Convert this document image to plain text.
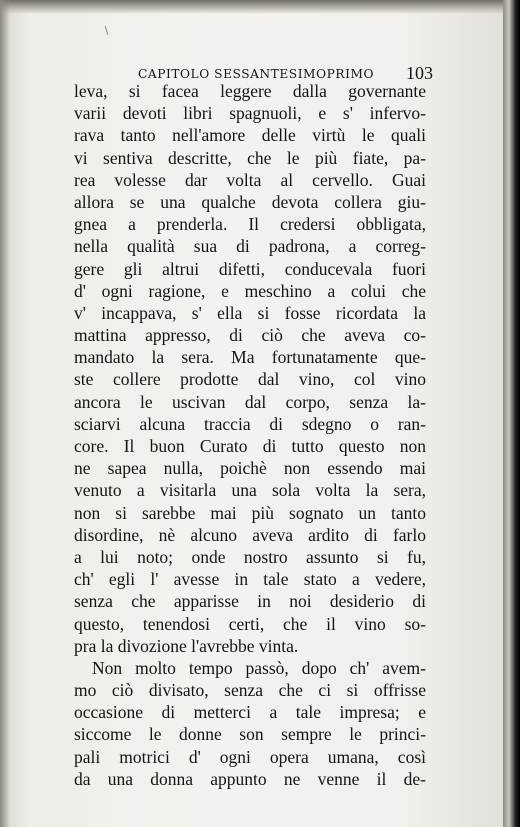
CAPITOLO SESSANTESIMOPRIMO 103
leva, si facea leggere dalla governante
varii devoti libri spagnuoli, e s' infervo-
rava tanto nell'amore delle virtù le quali
vi sentiva descritte, che le più fiate, pa-
rea volesse dar volta al cervello. Guai
allora se una qualche devota collera giu-
gnea a prenderla. Il credersi obbligata,
nella qualità sua di padrona, a correg-
gere gli altrui difetti, conducevala fuori
d' ogni ragione, e meschino a colui che
v' incappava, s' ella si fosse ricordata la
mattina appresso, di ciò che aveva co-
mandato la sera. Ma fortunatamente que-
ste collere prodotte dal vino, col vino
ancora le uscivan dal corpo, senza la-
sciarvi alcuna traccia di sdegno o ran-
core. Il buon Curato di tutto questo non
ne sapea nulla, poichè non essendo mai
venuto a visitarla una sola volta la sera,
non si sarebbe mai più sognato un tanto
disordine, nè alcuno aveva ardito di farlo
a lui noto; onde nostro assunto si fu,
ch' egli l' avesse in tale stato a vedere,
senza che apparisse in noi desiderio di
questo, tenendosi certi, che il vino so-
pra la divozione l'avrebbe vinta.
Non molto tempo passò, dopo ch' avem-
mo ciò divisato, senza che ci si offrisse
occasione di metterci a tale impresa; e
siccome le donne son sempre le princi-
pali motrici d' ogni opera umana, così
da una donna appunto ne venne il de-
